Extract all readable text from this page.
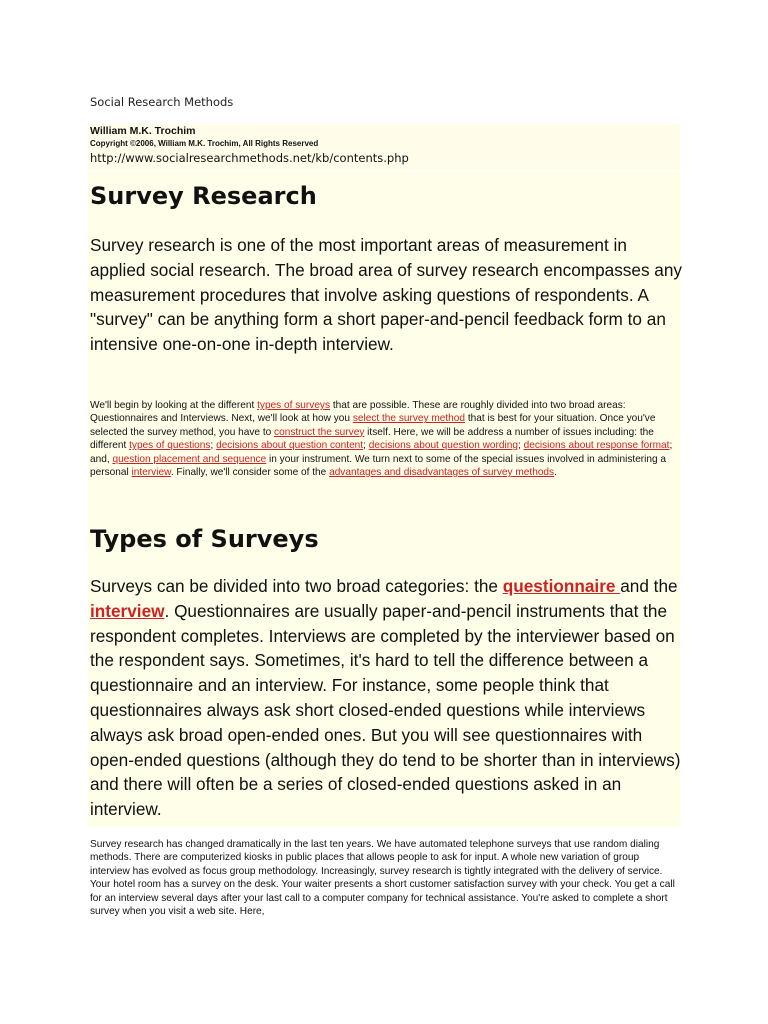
Social Research Methods
William M.K. Trochim
Copyright ©2006, William M.K. Trochim, All Rights Reserved
http://www.socialresearchmethods.net/kb/contents.php
Survey Research

Survey research is one of the most important areas of measurement in applied social research. The broad area of survey research encompasses any measurement procedures that involve asking questions of respondents. A "survey" can be anything form a short paper-and-pencil feedback form to an intensive one-on-one in-depth interview.

We'll begin by looking at the different types of surveys that are possible. These are roughly divided into two broad areas: Questionnaires and Interviews. Next, we'll look at how you select the survey method that is best for your situation. Once you've selected the survey method, you have to construct the survey itself. Here, we will be address a number of issues including: the different types of questions; decisions about question content; decisions about question wording; decisions about response format; and, question placement and sequence in your instrument. We turn next to some of the special issues involved in administering a personal interview. Finally, we'll consider some of the advantages and disadvantages of survey methods.

Types of Surveys

Surveys can be divided into two broad categories: the questionnaire and the interview. Questionnaires are usually paper-and-pencil instruments that the respondent completes. Interviews are completed by the interviewer based on the respondent says. Sometimes, it's hard to tell the difference between a questionnaire and an interview. For instance, some people think that questionnaires always ask short closed-ended questions while interviews always ask broad open-ended ones. But you will see questionnaires with open-ended questions (although they do tend to be shorter than in interviews) and there will often be a series of closed-ended questions asked in an interview.

Survey research has changed dramatically in the last ten years. We have automated telephone surveys that use random dialing methods. There are computerized kiosks in public places that allows people to ask for input. A whole new variation of group interview has evolved as focus group methodology. Increasingly, survey research is tightly integrated with the delivery of service. Your hotel room has a survey on the desk. Your waiter presents a short customer satisfaction survey with your check. You get a call for an interview several days after your last call to a computer company for technical assistance. You're asked to complete a short survey when you visit a web site. Here,
